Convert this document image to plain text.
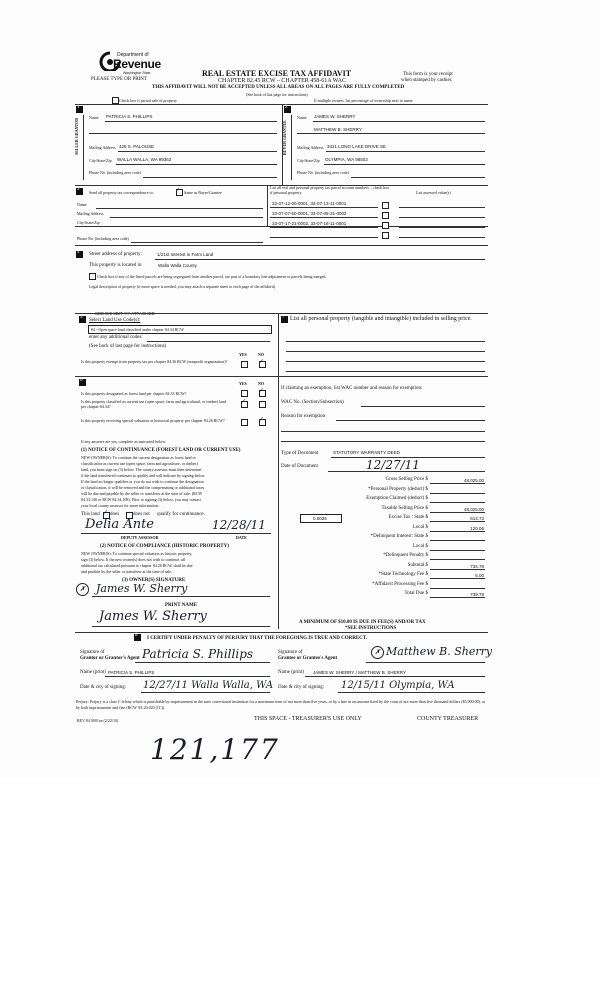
Department of
Revenue
Washington State
PLEASE TYPE OR PRINT
REAL ESTATE EXCISE TAX AFFIDAVIT
CHAPTER 82.45 RCW – CHAPTER 458-61A WAC
THIS AFFIDAVIT WILL NOT BE ACCEPTED UNLESS ALL AREAS ON ALL PAGES ARE FULLY COMPLETED
(See back of last page for instructions)
This form is your receipt
when stamped by cashier.
Check box if partial sale of property	If multiple owners, list percentage of ownership next to name.
1
SELLER GRANTOR
Name PATRICIA S. PHILLIPS
Mailing Address 426 S. PALOUSE
City/State/Zip WALLA WALLA, WA 99362
Phone No. (including area code)
2
BUYER GRANTEE
Name JAMES W. SHERRY
MATTHEW B. SHERRY
Mailing Address 3421 LONG LAKE DRIVE SE
City/State/Zip OLYMPIA, WA 98503
Phone No. (including area code)
3
Send all property tax correspondence to:	✓ Same as Buyer/Grantee
List all real and personal property tax parcel account numbers – check box if personal property	List assessed value(s)
Name
Mailing Address
City/State/Zip
Phone No. (including area code)
32-07-12-00-0001, 32-07-13-11-0001
33-07-07-50-0001, 33-07-08-31-0002
33-07-17-21-0002, 33-07-18-11-0001
4 Street address of property:	1/21st Interest in Farm Land
This property is located in	Walla Walla County
Check box if any of the listed parcels are being segregated from another parcel, are part of a boundary line adjustment or parcels being merged.
Legal description of property (if more space is needed, you may attach a separate sheet to each page of the affidavit)
SEE EXHIBIT "A" ATTACHED
5
Select Land Use Code(s):
84 - Open space land classified under chapter 84.34 RCW
enter any additional codes:
(See back of last page for instructions)
YES	NO
Is this property exempt from property tax per chapter 84.36 RCW (nonprofit organization)?	✓
7 List all personal property (tangible and intangible) included in selling price.
6
YES	NO
Is this property designated as forest land per chapter 84.33 RCW?	✓
Is this property classified as current use (open space, farm and agricultural, or timber) land per chapter 84.34?
✓
Is this property receiving special valuation as historical property per chapter 84.26 RCW?	✓
If any answers are yes, complete as instructed below.
(1) NOTICE OF CONTINUANCE (FOREST LAND OR CURRENT USE)
NEW OWNER(S): To continue the current designation as forest land or
classification as current use (open space, farm and agriculture, or timber)
land, you must sign on (3) below. The county assessor must then determine
if the land transferred continues to qualify and will indicate by signing below.
If the land no longer qualifies or you do not wish to continue the designation
or classification, it will be removed and the compensating or additional taxes
will be due and payable by the seller or transferor at the time of sale. (RCW
84.33.140 or RCW 84.34.108). Prior to signing (3) below, you may contact
your local county assessor for more information.
This land ✓ does	does not qualify for continuance.
Delia Ante	12/28/11
DEPUTY ASSESSOR	DATE
(2) NOTICE OF COMPLIANCE (HISTORIC PROPERTY)
NEW OWNER(S): To continue special valuation as historic property,
sign (3) below. If the new owner(s) does not wish to continue, all
additional tax calculated pursuant to chapter 84.26 RCW, shall be due
and payable by the seller or transferor at the time of sale.
(3) OWNER(S) SIGNATURE
✗ James W. Sherry
PRINT NAME
James W. Sherry
If claiming an exemption, list WAC number and reason for exemption:
WAC No. (Section/Subsection)
Reason for exemption
Type of Document	STATUTORY WARRANTY DEED
Date of Document	12/27/11
Gross Selling Price $	48,025.00
*Personal Property (deduct) $
Exemption Claimed (deduct) $
Taxable Selling Price $	48,025.00
Excise Tax : State $	614.72
Local $	120.06
*Delinquent Interest: State $
Local $
*Delinquent Penalty $
Subtotal $	734.78
*State Technology Fee $	5.00
*Affidavit Processing Fee $
Total Due $	739.78
0.0025
A MINIMUM OF $10.00 IS DUE IN FEE(S) AND/OR TAX
*SEE INSTRUCTIONS
8
I CERTIFY UNDER PENALTY OF PERJURY THAT THE FOREGOING IS TRUE AND CORRECT.
Signature of
Grantor or Grantor's Agent Patricia S. Phillips
Name (print) PATRICIA S. PHILLIPS
Date & city of signing: 12/27/11 Walla Walla, WA
Signature of
Grantee or Grantee's Agent
✗ Matthew B. Sherry
Name (print) JAMES W. SHERRY / MATTHEW B. SHERRY
Date & city of signing: 12/15/11 Olympia, WA
Perjury: Perjury is a class C felony which is punishable by imprisonment in the state correctional institution for a maximum term of not more than five years, or by a fine in an amount fixed by the court of not more than five thousand dollars ($5,000.00), or by both imprisonment and fine (RCW 9A.20.020 (1C)).
REV 84 0001ae (2/22/10)	THIS SPACE - TREASURER'S USE ONLY	COUNTY TREASURER
121,177
